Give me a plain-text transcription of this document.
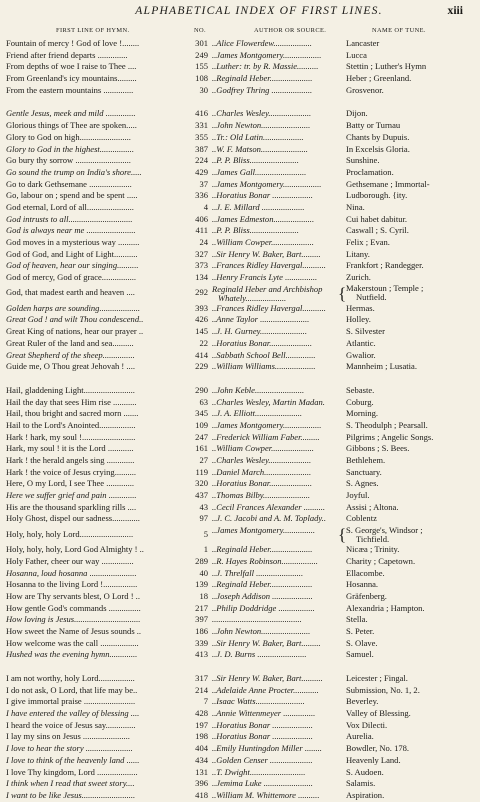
ALPHABETICAL INDEX OF FIRST LINES.	xiii
FIRST LINE OF HYMN.	NO.	AUTHOR OR SOURCE.	NAME OF TUNE.
Fountain of mercy ! God of love !........	301 ..Alice Flowerdew..................	Lancaster
Friend after friend departs ..............	249 ..James Montgomery..................	Lucca
From depths of woe I raise to Thee ....	155 ..Luther: tr. by R. Massie..........	Stettin ; Luther's Hymn
From Greenland's icy mountains.........	108 ..Reginald Heber....................	Heber ; Greenland.
From the eastern mountains ..............	30 ..Godfrey Thring ...................	Grosvenor.
Gentle Jesus, meek and mild ..............	416 ..Charles Wesley....................	Dijon.
Glorious things of Thee are spoken.....	331 ..John Newton.......................	Batty or Turnau
Glory to God on high........................	355 ..Tr.: Old Latin...................	Chants by Dupuis.
Glory to God in the highest................	387 ..W. F. Matson......................	In Excelsis Gloria.
Go bury thy sorrow ..........................	224 ..P. P. Bliss.......................	Sunshine.
Go sound the trump on India's shore.....	429 ..James Gall........................	Proclamation.
Go to dark Gethsemane ....................	37 ..James Montgomery..................	Gethsemane ; Immortal-
Go, labour on ; spend and be spent .....	336 ..Horatius Bonar ...................	Ludborough. {ity.
God eternal, Lord of all......................	4 ..J. E. Millard ....................	Nina.
God intrusts to all..............................	406 ..James Edmeston...................	Cui habet dabitur.
God is always near me .......................	411 ..P. P. Bliss.......................	Caswall ; S. Cyril.
God moves in a mysterious way ..........	24 ..William Cowper....................	Felix ; Evan.
God of God, and Light of Light...........	327 ..Sir Henry W. Baker, Bart.........	Litany.
God of heaven, hear our singing..........	373 ..Frances Ridley Havergal........... Frankfort ; Randegger.
God of mercy, God of grace................	134 ..Henry Francis Lyte ...............	Zurich.
God, that madest earth and heaven ....	292 Reginald Heber and Archbishop
Whately...................	{ Makerstoun ; Temple ;
Nutfield.
Golden harps are sounding...................	393 ..Frances Ridley Havergal........... Hermas.
Great God ! and wilt Thou condescend..	426 ..Anne Taylor .......................	Holley.
Great King of nations, hear our prayer ..	145 ..J. H. Gurney......................	S. Silvester
Great Ruler of the land and sea..........	22 ..Horatius Bonar....................	Atlantic.
Great Shepherd of the sheep...............	414 ..Sabbath School Bell..............	Gwalior.
Guide me, O Thou great Jehovah ! ....	229 ..William Williams...................	Mannheim ; Lusatia.
Hail, gladdening Light........................	290 ..John Keble.......................	Sebaste.
Hail the day that sees Him rise ...........	63 ..Charles Wesley, Martin Madan. Coburg.
Hail, thou bright and sacred morn .......	345 ..J. A. Elliott......................	Morning.
Hail to the Lord's Anointed.................	109 ..James Montgomery..................	S. Theodulph ; Pearsall.
Hark ! hark, my soul !.........................	247 ..Frederick William Faber.........	Pilgrims ; Angelic Songs.
Hark, my soul ! it is the Lord ............	161 ..William Cowper....................	Gibbons ; S. Bees.
Hark ! the herald angels sing .............	27 ..Charles Wesley....................	Bethlehem.
Hark ! the voice of Jesus crying..........	119 ..Daniel March......................	Sanctuary.
Here, O my Lord, I see Thee .............	320 ..Horatius Bonar....................	S. Agnes.
Here we suffer grief and pain .............	437 ..Thomas Bilby......................	Joyful.
His are the thousand sparkling rills ....	43 ..Cecil Frances Alexander .......... Assisi ; Altona.
Holy Ghost, dispel our sadness.............	97 ..J. C. Jacobi and A. M. Toplady.. Coblentz
Holy, holy, holy Lord.........................	5 ..James Montgomery............... { S. George's, Windsor ;
Tichfield.
Holy, holy, holy, Lord God Almighty ! ..	1 ..Reginald Heber....................	Nicæa ; Trinity.
Holy Father, cheer our way ...............	289 ..R. Hayes Robinson.................	Charity ; Capetown.
Hosanna, loud hosanna ......................	40 ..J. Threlfall ......................	Ellacombe.
Hosanna to the living Lord !................	139 ..Reginald Heber....................	Hosanna.
How are Thy servants blest, O Lord ! ..	18 ..Joseph Addison ...................	Gräfenberg.
How gentle God's commands ...............	217 ..Philip Doddridge .................	Alexandria ; Hampton.
How loving is Jesus...............................	397 ..........................................	Stella.
How sweet the Name of Jesus sounds ..	186 ..John Newton.......................	S. Peter.
How welcome was the call ..................	339 ..Sir Henry W. Baker, Bart.........	S. Olave.
Hushed was the evening hymn.............	413 ..J. D. Burns .......................	Samuel.
I am not worthy, holy Lord.................	317 ..Sir Henry W. Baker, Bart..........	Leicester ; Fingal.
I do not ask, O Lord, that life may be..	214 ..Adelaide Anne Procter............	Submission, No. 1, 2.
I give immortal praise ........................	7 ..Isaac Watts.......................	Beverley.
I have entered the valley of blessing ....	428 ..Annie Wittenmeyer ...............	Valley of Blessing.
I heard the voice of Jesus say..............	197 ..Horatius Bonar ...................	Vox Dilecti.
I lay my sins on Jesus ......................	198 ..Horatius Bonar ...................	Aurelia.
I love to hear the story ......................	404 ..Emily Huntingdon Miller ........	Bowdler, No. 178.
I love to think of the heavenly land ......	434 ..Golden Censer ....................	Heavenly Land.
I love Thy kingdom, Lord ...................	131 ..T. Dwight..........................	S. Audoen.
I think when I read that sweet story....	396 ..Jemima Luke .......................	Salamis.
I want to be like Jesus.........................	418 ..William M. Whittemore ..........	Aspiration.
